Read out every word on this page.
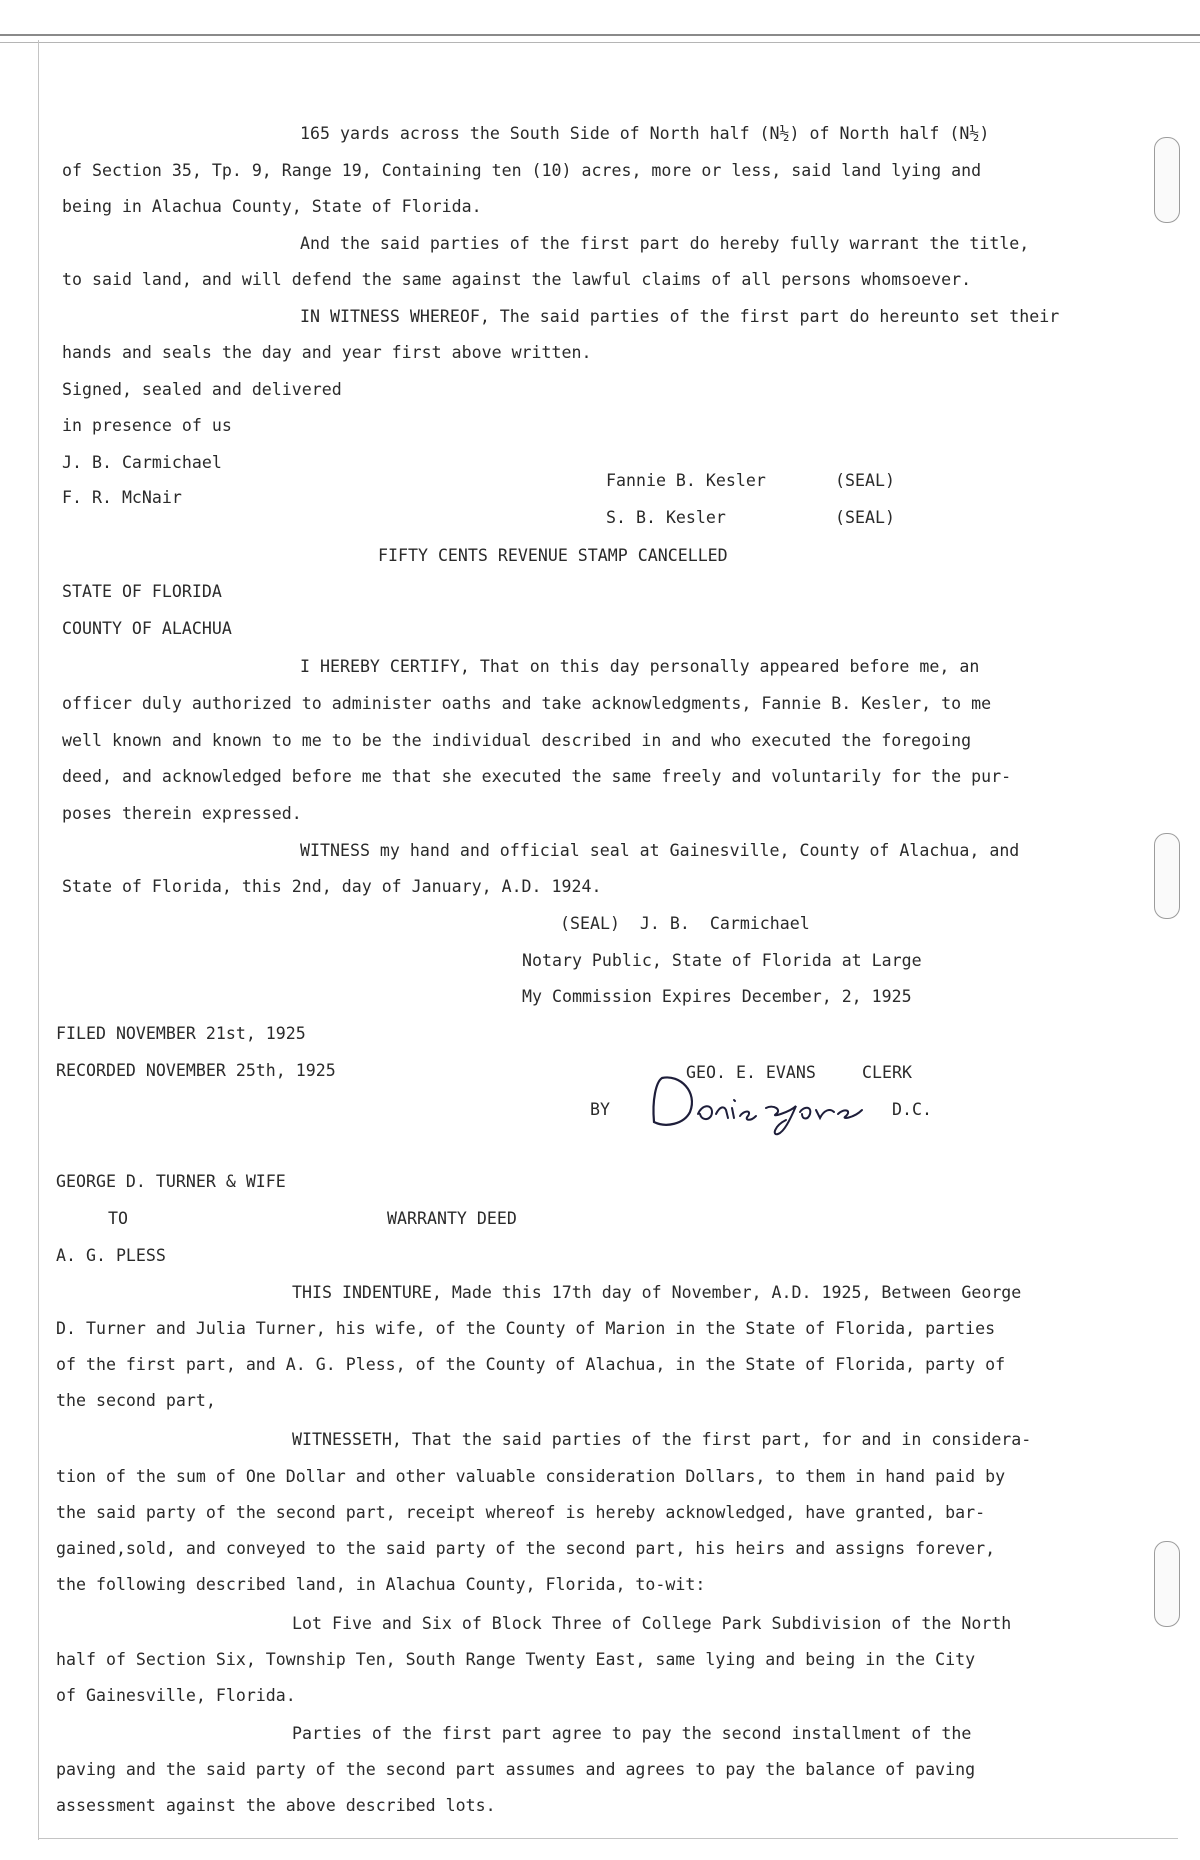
165 yards across the South Side of North half (N½) of North half (N½)
of Section 35, Tp. 9, Range 19, Containing ten (10) acres, more or less, said land lying and
being in Alachua County, State of Florida.
And the said parties of the first part do hereby fully warrant the title,
to said land, and will defend the same against the lawful claims of all persons whomsoever.
IN WITNESS WHEREOF, The said parties of the first part do hereunto set their
hands and seals the day and year first above written.
Signed, sealed and delivered
in presence of us
J. B. Carmichael
F. R. McNair
Fannie B. Kesler	(SEAL)
S. B. Kesler	(SEAL)
FIFTY CENTS REVENUE STAMP CANCELLED
STATE OF FLORIDA
COUNTY OF ALACHUA
I HEREBY CERTIFY, That on this day personally appeared before me, an
officer duly authorized to administer oaths and take acknowledgments, Fannie B. Kesler, to me
well known and known to me to be the individual described in and who executed the foregoing
deed, and acknowledged before me that she executed the same freely and voluntarily for the pur-
poses therein expressed.
WITNESS my hand and official seal at Gainesville, County of Alachua, and
State of Florida, this 2nd, day of January, A.D. 1924.
(SEAL)  J. B.  Carmichael
Notary Public, State of Florida at Large
My Commission Expires December, 2, 1925
FILED NOVEMBER 21st, 1925
RECORDED NOVEMBER 25th, 1925	GEO. E. EVANS	CLERK
BY	D.C.
GEORGE D. TURNER & WIFE
TO	WARRANTY DEED
A. G. PLESS
THIS INDENTURE, Made this 17th day of November, A.D. 1925, Between George
D. Turner and Julia Turner, his wife, of the County of Marion in the State of Florida, parties
of the first part, and A. G. Pless, of the County of Alachua, in the State of Florida, party of
the second part,
WITNESSETH, That the said parties of the first part, for and in considera-
tion of the sum of One Dollar and other valuable consideration Dollars, to them in hand paid by
the said party of the second part, receipt whereof is hereby acknowledged, have granted, bar-
gained,sold, and conveyed to the said party of the second part, his heirs and assigns forever,
the following described land, in Alachua County, Florida, to-wit:
Lot Five and Six of Block Three of College Park Subdivision of the North
half of Section Six, Township Ten, South Range Twenty East, same lying and being in the City
of Gainesville, Florida.
Parties of the first part agree to pay the second installment of the
paving and the said party of the second part assumes and agrees to pay the balance of paving
assessment against the above described lots.
